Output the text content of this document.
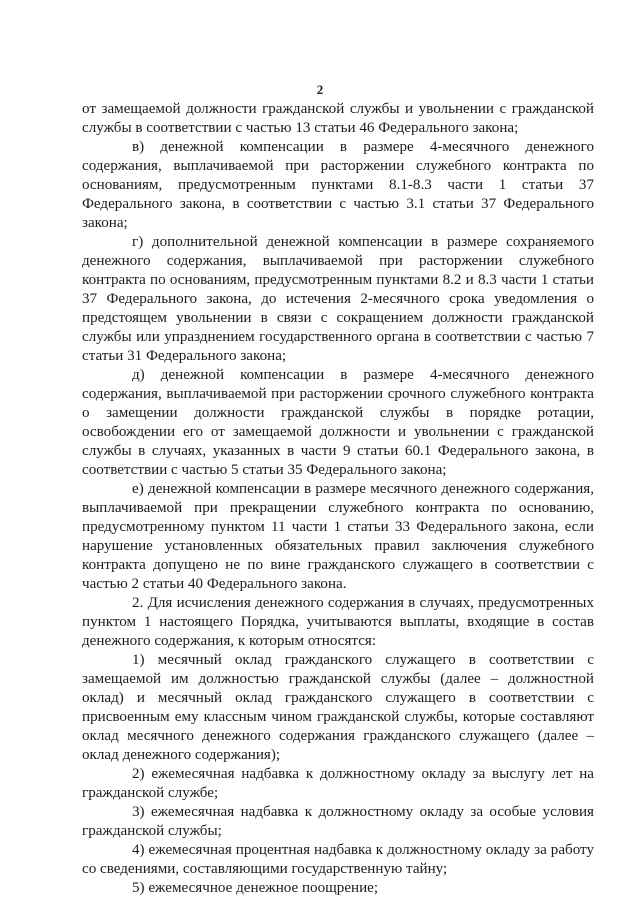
2

от замещаемой должности гражданской службы и увольнении с гражданской службы в соответствии с частью 13 статьи 46 Федерального закона;

в) денежной компенсации в размере 4-месячного денежного содержания, выплачиваемой при расторжении служебного контракта по основаниям, предусмотренным пунктами 8.1-8.3 части 1 статьи 37 Федерального закона, в соответствии с частью 3.1 статьи 37 Федерального закона;

г) дополнительной денежной компенсации в размере сохраняемого денежного содержания, выплачиваемой при расторжении служебного контракта по основаниям, предусмотренным пунктами 8.2 и 8.3 части 1 статьи 37 Федерального закона, до истечения 2-месячного срока уведомления о предстоящем увольнении в связи с сокращением должности гражданской службы или упразднением государственного органа в соответствии с частью 7 статьи 31 Федерального закона;

д) денежной компенсации в размере 4-месячного денежного содержания, выплачиваемой при расторжении срочного служебного контракта о замещении должности гражданской службы в порядке ротации, освобождении его от замещаемой должности и увольнении с гражданской службы в случаях, указанных в части 9 статьи 60.1 Федерального закона, в соответствии с частью 5 статьи 35 Федерального закона;

е) денежной компенсации в размере месячного денежного содержания, выплачиваемой при прекращении служебного контракта по основанию, предусмотренному пунктом 11 части 1 статьи 33 Федерального закона, если нарушение установленных обязательных правил заключения служебного контракта допущено не по вине гражданского служащего в соответствии с частью 2 статьи 40 Федерального закона.

2. Для исчисления денежного содержания в случаях, предусмотренных пунктом 1 настоящего Порядка, учитываются выплаты, входящие в состав денежного содержания, к которым относятся:

1) месячный оклад гражданского служащего в соответствии с замещаемой им должностью гражданской службы (далее – должностной оклад) и месячный оклад гражданского служащего в соответствии с присвоенным ему классным чином гражданской службы, которые составляют оклад месячного денежного содержания гражданского служащего (далее – оклад денежного содержания);

2) ежемесячная надбавка к должностному окладу за выслугу лет на гражданской службе;

3) ежемесячная надбавка к должностному окладу за особые условия гражданской службы;

4) ежемесячная процентная надбавка к должностному окладу за работу со сведениями, составляющими государственную тайну;

5) ежемесячное денежное поощрение;
